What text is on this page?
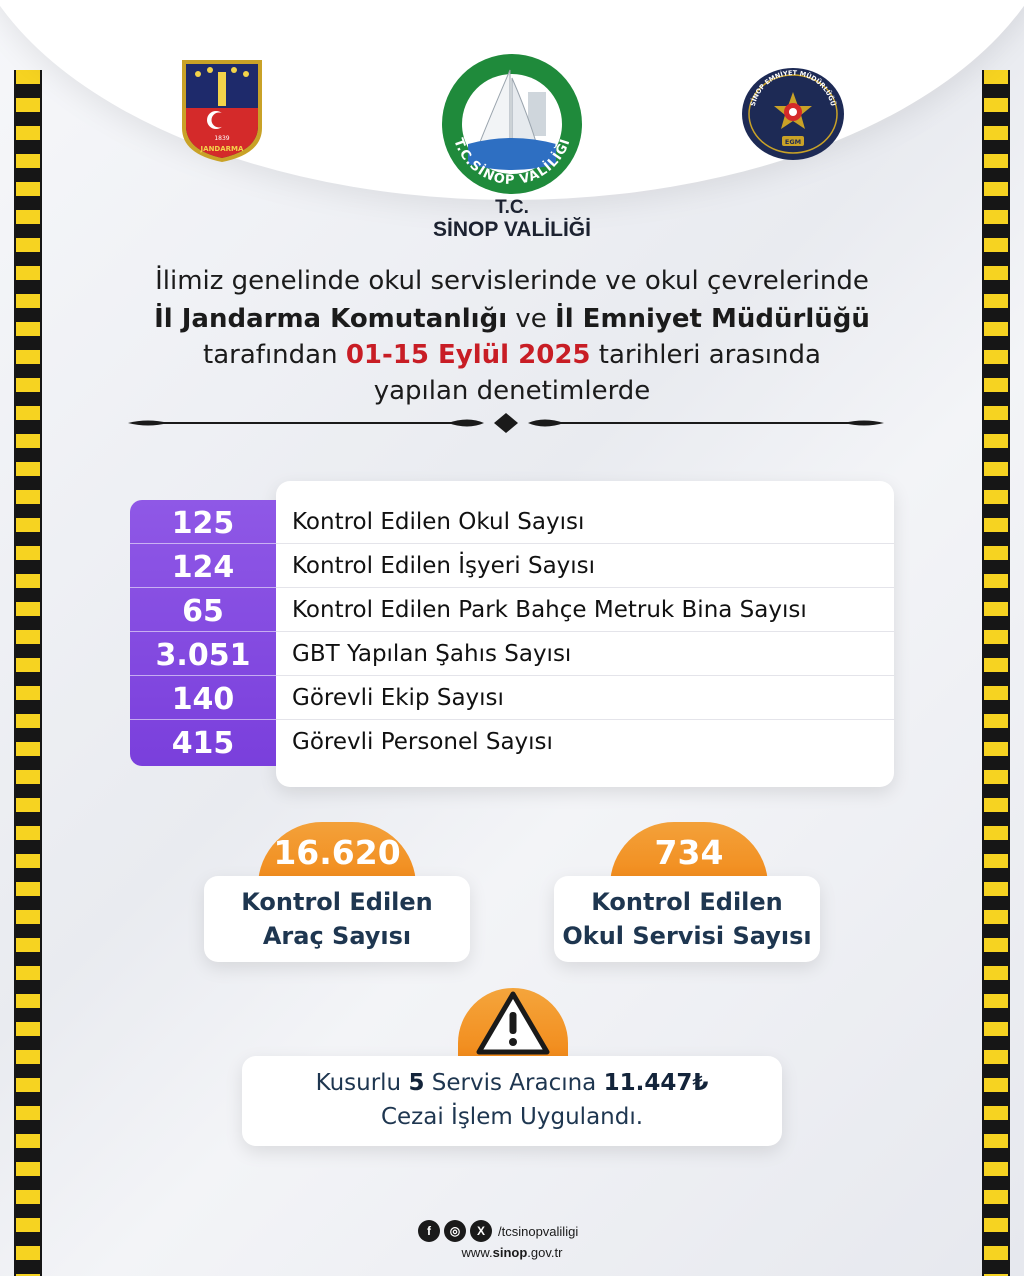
1839
JANDARMA
T.C.SİNOP VALİLİĞİ
SİNOP EMNİYET MÜDÜRLÜĞÜ
EGM
T.C.
SİNOP VALİLİĞİ
İlimiz genelinde okul servislerinde ve okul çevrelerinde
İl Jandarma Komutanlığı ve İl Emniyet Müdürlüğü
tarafından 01-15 Eylül 2025 tarihleri arasında
yapılan denetimlerde
125	Kontrol Edilen Okul Sayısı
124	Kontrol Edilen İşyeri Sayısı
65	Kontrol Edilen Park Bahçe Metruk Bina Sayısı
3.051	GBT Yapılan Şahıs Sayısı
140	Görevli Ekip Sayısı
415	Görevli Personel Sayısı
16.620
Kontrol Edilen
Araç Sayısı
734
Kontrol Edilen
Okul Servisi Sayısı
Kusurlu 5 Servis Aracına 11.447₺
Cezai İşlem Uygulandı.
f	◎	X	/tcsinopvaliligi
www.sinop.gov.tr
